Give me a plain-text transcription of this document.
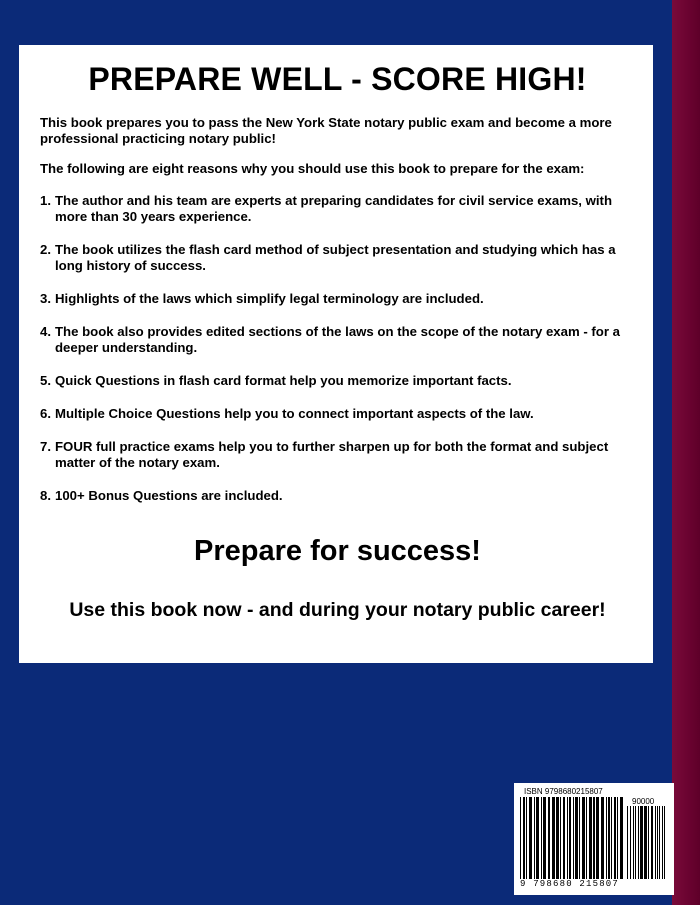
PREPARE WELL - SCORE HIGH!

This book prepares you to pass the New York State notary public exam and become a more professional practicing notary public!

The following are eight reasons why you should use this book to prepare for the exam:

1. The author and his team are experts at preparing candidates for civil service exams, with more than 30 years experience.
2. The book utilizes the flash card method of subject presentation and studying which has a long history of success.
3. Highlights of the laws which simplify legal terminology are included.
4. The book also provides edited sections of the laws on the scope of the notary exam - for a deeper understanding.
5. Quick Questions in flash card format help you memorize important facts.
6. Multiple Choice Questions help you to connect important aspects of the law.
7. FOUR full practice exams help you to further sharpen up for both the format and subject matter of the notary exam.
8. 100+ Bonus Questions are included.

Prepare for success!

Use this book now - and during your notary public career!

ISBN 9798680215807
90000
9 798680 215807
